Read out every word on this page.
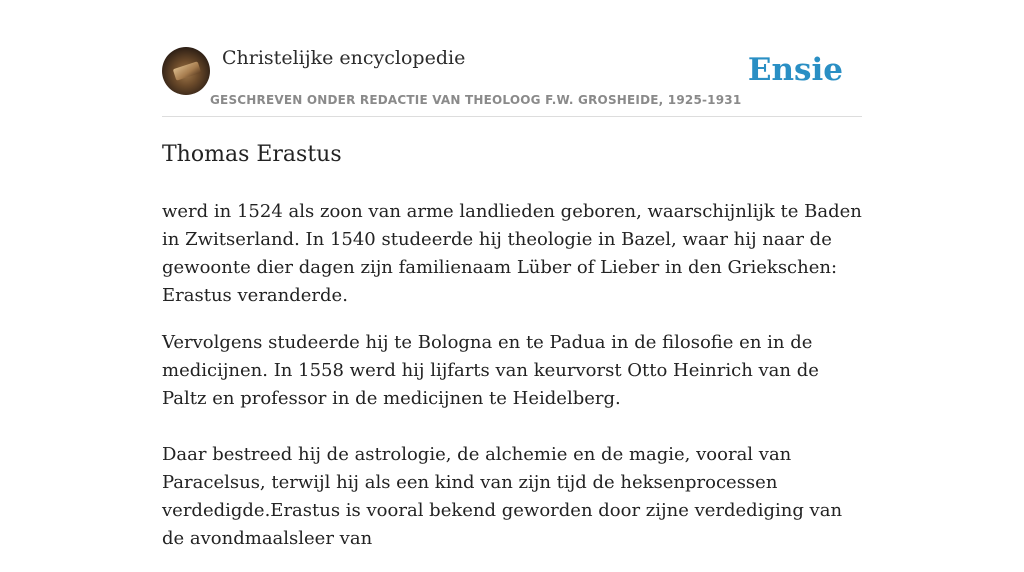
Christelijke encyclopedie
GESCHREVEN ONDER REDACTIE VAN THEOLOOG F.W. GROSHEIDE, 1925-1931
Ensie
Thomas Erastus

werd in 1524 als zoon van arme landlieden geboren, waarschijnlijk te Baden in Zwitserland. In 1540 studeerde hij theologie in Bazel, waar hij naar de gewoonte dier dagen zijn familienaam Lüber of Lieber in den Griekschen: Erastus veranderde.

Vervolgens studeerde hij te Bologna en te Padua in de filosofie en in de medicijnen. In 1558 werd hij lijfarts van keurvorst Otto Heinrich van de Paltz en professor in de medicijnen te Heidelberg.

Daar bestreed hij de astrologie, de alchemie en de magie, vooral van Paracelsus, terwijl hij als een kind van zijn tijd de heksenprocessen verdedigde.Erastus is vooral bekend geworden door zijne verdediging van de avondmaalsleer van
